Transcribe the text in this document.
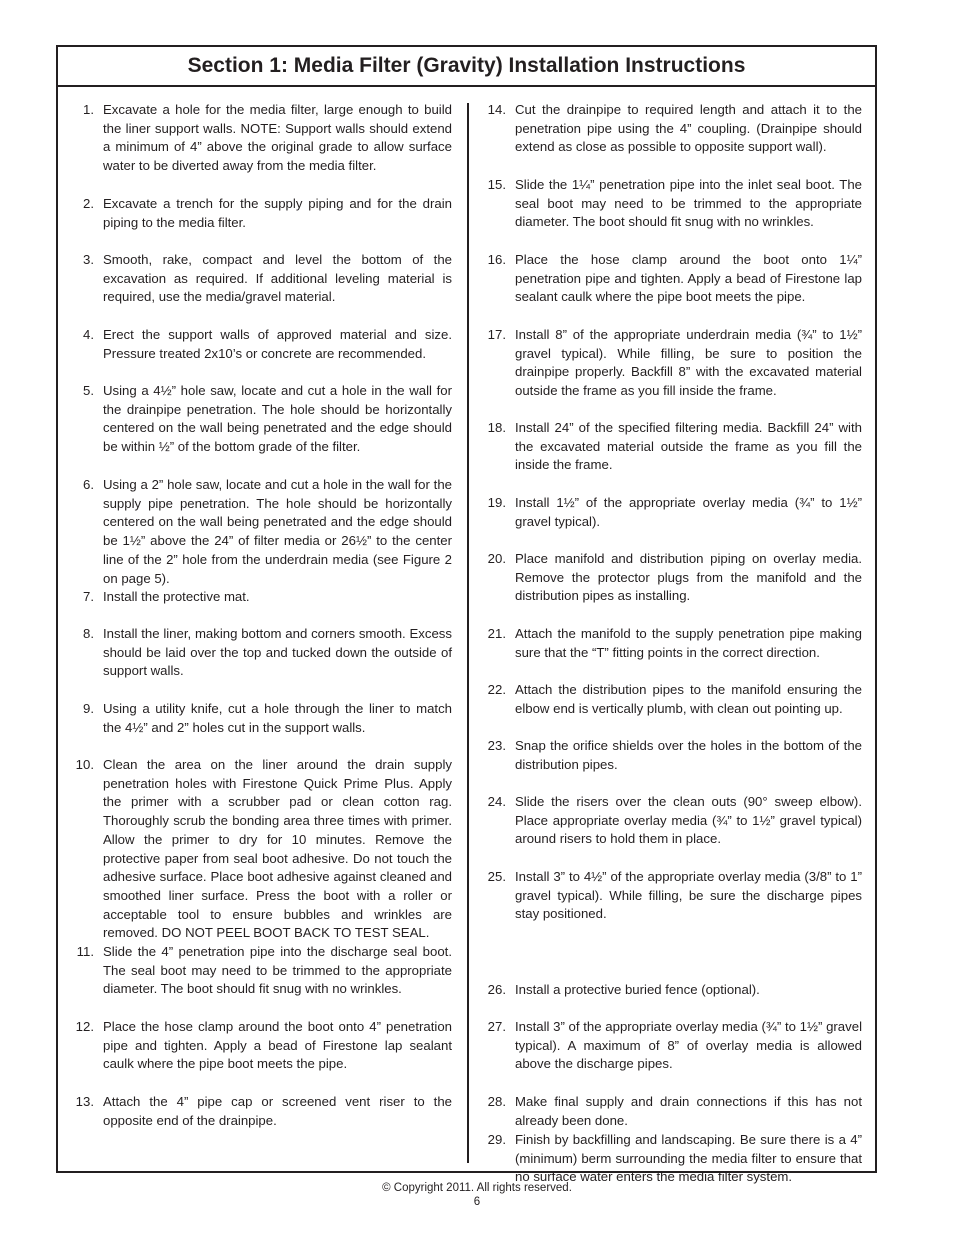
Section 1: Media Filter (Gravity) Installation Instructions
1. Excavate a hole for the media filter, large enough to build the liner support walls. NOTE: Support walls should extend a minimum of 4” above the original grade to allow surface water to be diverted away from the media filter.
2. Excavate a trench for the supply piping and for the drain piping to the media filter.
3. Smooth, rake, compact and level the bottom of the excavation as required. If additional leveling material is required, use the media/gravel material.
4. Erect the support walls of approved material and size. Pressure treated 2x10’s or concrete are recommended.
5. Using a 4½” hole saw, locate and cut a hole in the wall for the drainpipe penetration. The hole should be horizontally centered on the wall being penetrated and the edge should be within ½” of the bottom grade of the filter.
6. Using a 2” hole saw, locate and cut a hole in the wall for the supply pipe penetration. The hole should be horizontally centered on the wall being penetrated and the edge should be 1½” above the 24” of filter media or 26½” to the center line of the 2” hole from the underdrain media (see Figure 2 on page 5).
7. Install the protective mat.
8. Install the liner, making bottom and corners smooth. Excess should be laid over the top and tucked down the outside of support walls.
9. Using a utility knife, cut a hole through the liner to match the 4½” and 2” holes cut in the support walls.
10. Clean the area on the liner around the drain supply penetration holes with Firestone Quick Prime Plus. Apply the primer with a scrubber pad or clean cotton rag. Thoroughly scrub the bonding area three times with primer. Allow the primer to dry for 10 minutes. Remove the protective paper from seal boot adhesive. Do not touch the adhesive surface. Place boot adhesive against cleaned and smoothed liner surface. Press the boot with a roller or acceptable tool to ensure bubbles and wrinkles are removed. DO NOT PEEL BOOT BACK TO TEST SEAL.
11. Slide the 4” penetration pipe into the discharge seal boot. The seal boot may need to be trimmed to the appropriate diameter. The boot should fit snug with no wrinkles.
12. Place the hose clamp around the boot onto 4” penetration pipe and tighten. Apply a bead of Firestone lap sealant caulk where the pipe boot meets the pipe.
13. Attach the 4” pipe cap or screened vent riser to the opposite end of the drainpipe.
14. Cut the drainpipe to required length and attach it to the penetration pipe using the 4” coupling. (Drainpipe should extend as close as possible to opposite support wall).
15. Slide the 1¼” penetration pipe into the inlet seal boot. The seal boot may need to be trimmed to the appropriate diameter. The boot should fit snug with no wrinkles.
16. Place the hose clamp around the boot onto 1¼” penetration pipe and tighten. Apply a bead of Firestone lap sealant caulk where the pipe boot meets the pipe.
17. Install 8” of the appropriate underdrain media (¾” to 1½” gravel typical). While filling, be sure to position the drainpipe properly. Backfill 8” with the excavated material outside the frame as you fill inside the frame.
18. Install 24” of the specified filtering media. Backfill 24” with the excavated material outside the frame as you fill the inside the frame.
19. Install 1½” of the appropriate overlay media (¾” to 1½” gravel typical).
20. Place manifold and distribution piping on overlay media. Remove the protector plugs from the manifold and the distribution pipes as installing.
21. Attach the manifold to the supply penetration pipe making sure that the “T” fitting points in the correct direction.
22. Attach the distribution pipes to the manifold ensuring the elbow end is vertically plumb, with clean out pointing up.
23. Snap the orifice shields over the holes in the bottom of the distribution pipes.
24. Slide the risers over the clean outs (90° sweep elbow). Place appropriate overlay media (¾” to 1½” gravel typical) around risers to hold them in place.
25. Install 3” to 4½” of the appropriate overlay media (3/8” to 1” gravel typical). While filling, be sure the discharge pipes stay positioned.
26. Install a protective buried fence (optional).
27. Install 3” of the appropriate overlay media (¾” to 1½” gravel typical). A maximum of 8” of overlay media is allowed above the discharge pipes.
28. Make final supply and drain connections if this has not already been done.
29. Finish by backfilling and landscaping. Be sure there is a 4” (minimum) berm surrounding the media filter to ensure that no surface water enters the media filter system.
© Copyright 2011. All rights reserved.
6
